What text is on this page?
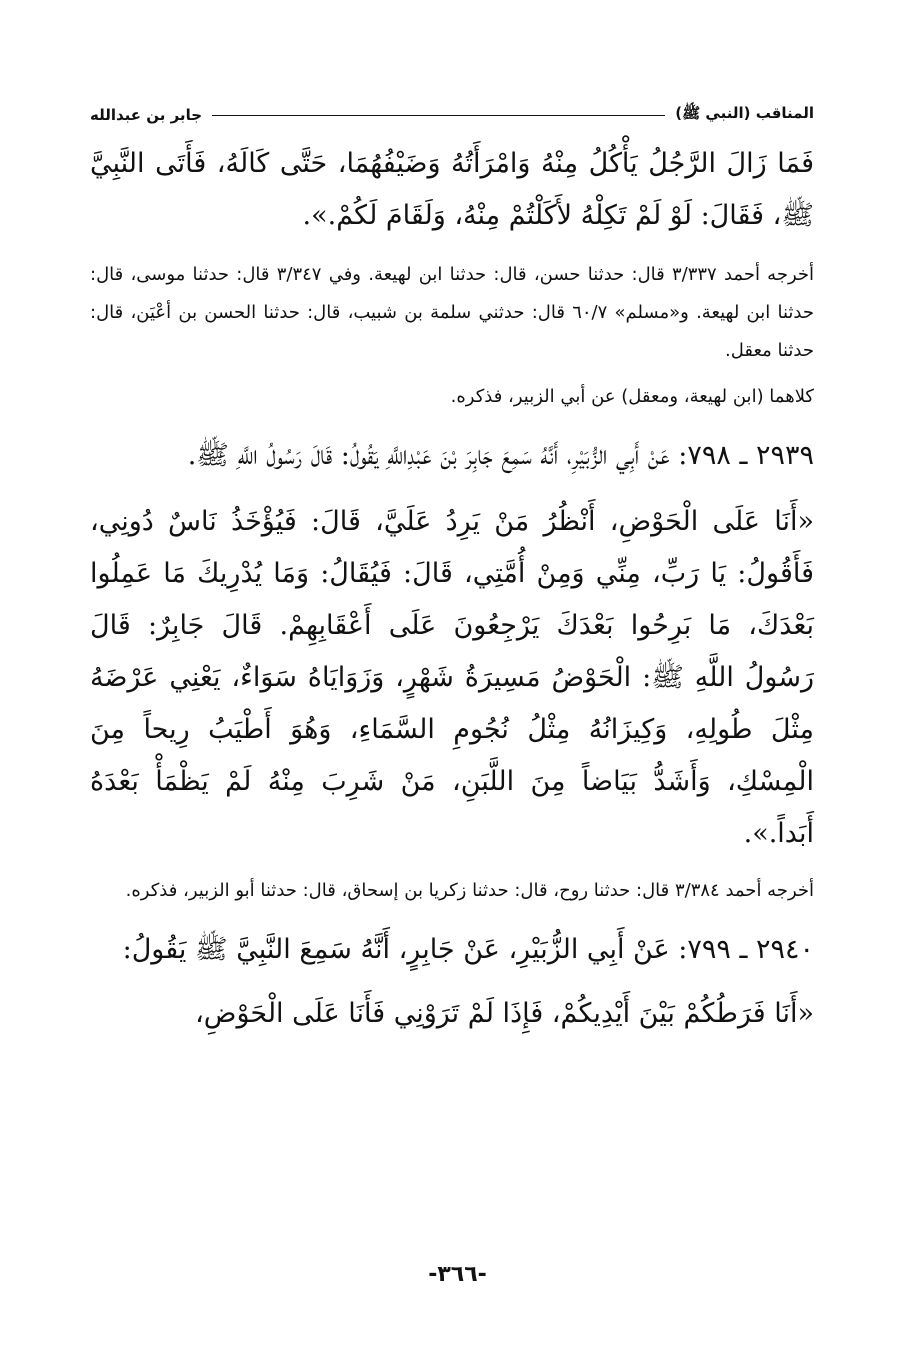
المناقب (النبي ﷺ)
جابر بن عبدالله

فَمَا زَالَ الرَّجُلُ يَأْكُلُ مِنْهُ وَامْرَأَتُهُ وَضَيْفُهُمَا، حَتَّى كَالَهُ، فَأَتَى النَّبِيَّ ﷺ، فَقَالَ: لَوْ لَمْ تَكِلْهُ لأَكَلْتُمْ مِنْهُ، وَلَقَامَ لَكُمْ.».

أخرجه أحمد ٣/٣٣٧ قال: حدثنا حسن، قال: حدثنا ابن لهيعة. وفي ٣/٣٤٧ قال: حدثنا موسى، قال: حدثنا ابن لهيعة. و«مسلم» ٦٠/٧ قال: حدثني سلمة بن شبيب، قال: حدثنا الحسن بن أعْيَن، قال: حدثنا معقل.

كلاهما (ابن لهيعة، ومعقل) عن أبي الزبير، فذكره.

٢٩٣٩ ـ ٧٩٨: عَنْ أَبِي الزُّبَيْرِ، أَنَّهُ سَمِعَ جَابِرَ بْنَ عَبْدِاللَّهِ يَقُولُ: قَالَ رَسُولُ اللَّهِ ﷺ.

«أَنَا عَلَى الْحَوْضِ، أَنْظُرُ مَنْ يَرِدُ عَلَيَّ، قَالَ: فَيُؤْخَذُ نَاسٌ دُونِي، فَأَقُولُ: يَا رَبِّ، مِنِّي وَمِنْ أُمَّتِي، قَالَ: فَيُقَالُ: وَمَا يُدْرِيكَ مَا عَمِلُوا بَعْدَكَ، مَا بَرِحُوا بَعْدَكَ يَرْجِعُونَ عَلَى أَعْقَابِهِمْ. قَالَ جَابِرٌ: قَالَ رَسُولُ اللَّهِ ﷺ: الْحَوْضُ مَسِيرَةُ شَهْرٍ، وَزَوَايَاهُ سَوَاءٌ، يَعْنِي عَرْضَهُ مِثْلَ طُولِهِ، وَكِيزَانُهُ مِثْلُ نُجُومِ السَّمَاءِ، وَهُوَ أَطْيَبُ رِيحاً مِنَ الْمِسْكِ، وَأَشَدُّ بَيَاضاً مِنَ اللَّبَنِ، مَنْ شَرِبَ مِنْهُ لَمْ يَظْمَأْ بَعْدَهُ أَبَداً.».

أخرجه أحمد ٣/٣٨٤ قال: حدثنا روح، قال: حدثنا زكريا بن إسحاق، قال: حدثنا أبو الزبير، فذكره.

٢٩٤٠ ـ ٧٩٩: عَنْ أَبِي الزُّبَيْرِ، عَنْ جَابِرٍ، أَنَّهُ سَمِعَ النَّبِيَّ ﷺ يَقُولُ:

«أَنَا فَرَطُكُمْ بَيْنَ أَيْدِيكُمْ، فَإِذَا لَمْ تَرَوْنِي فَأَنَا عَلَى الْحَوْضِ،

-٣٦٦-
